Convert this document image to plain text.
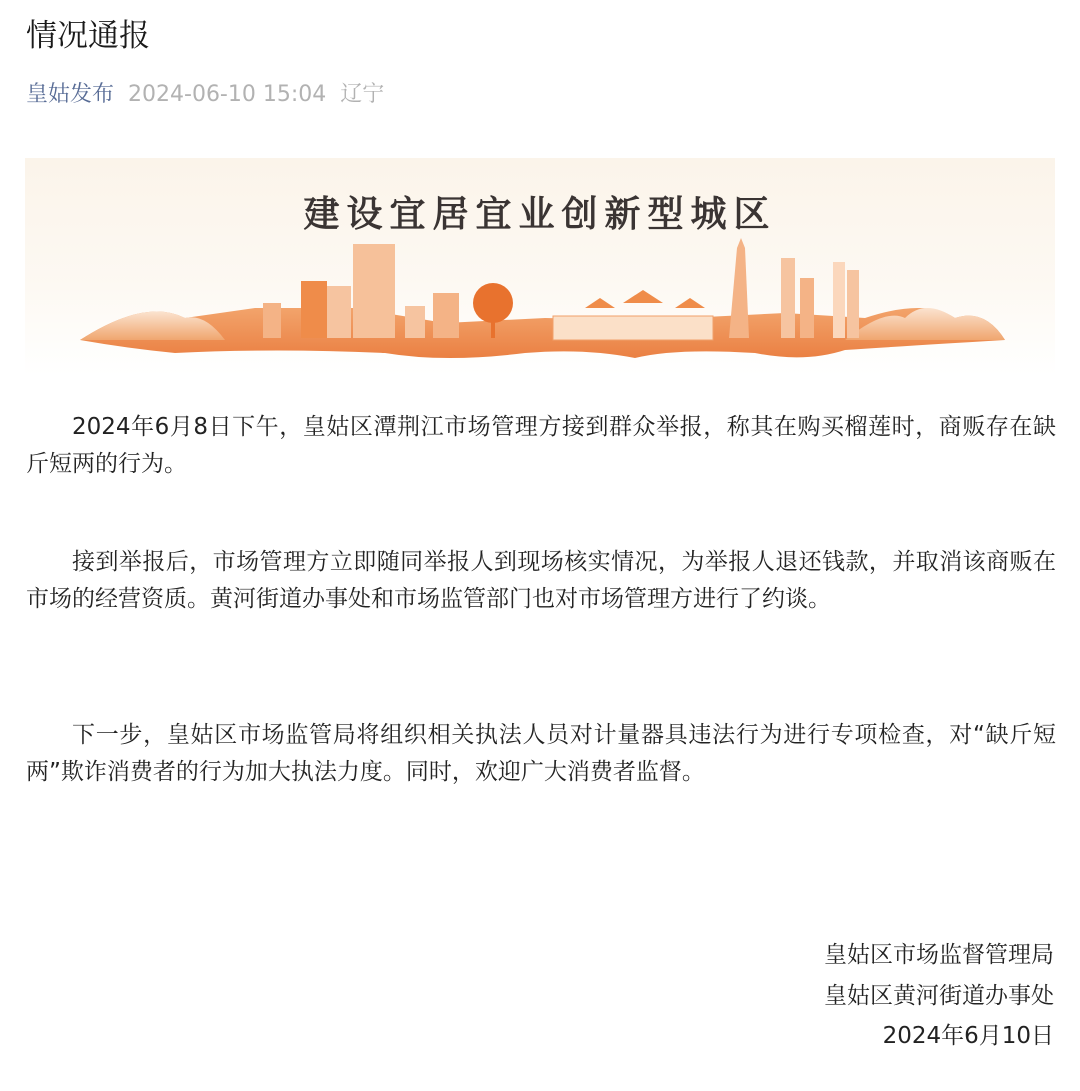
情况通报
皇姑发布 2024-06-10 15:04 辽宁
建设宜居宜业创新型城区
2024年6月8日下午，皇姑区潭荆江市场管理方接到群众举报，称其在购买榴莲时，商贩存在缺斤短两的行为。
接到举报后，市场管理方立即随同举报人到现场核实情况，为举报人退还钱款，并取消该商贩在市场的经营资质。黄河街道办事处和市场监管部门也对市场管理方进行了约谈。
下一步，皇姑区市场监管局将组织相关执法人员对计量器具违法行为进行专项检查，对“缺斤短两”欺诈消费者的行为加大执法力度。同时，欢迎广大消费者监督。
皇姑区市场监督管理局
皇姑区黄河街道办事处
2024年6月10日
